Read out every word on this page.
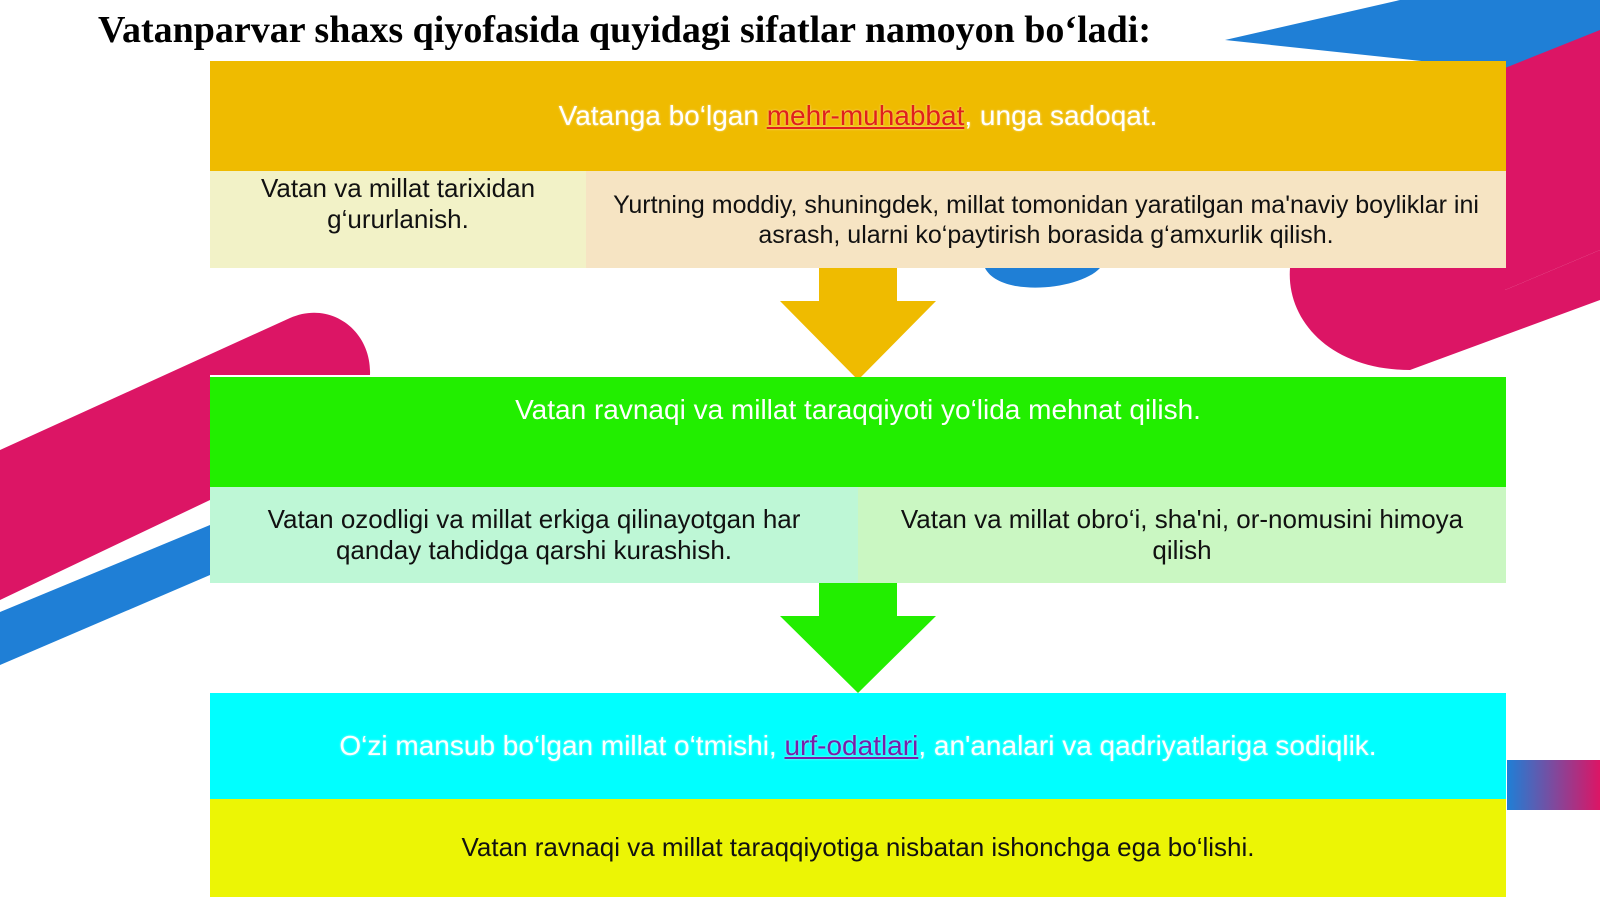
Vatanparvar shaxs qiyofasida quyidagi sifatlar namoyon bo‘ladi:
Vatanga bo‘lgan mehr-muhabbat, unga sadoqat.
Vatan va millat tarixidan g‘ururlanish.	Yurtning moddiy, shuningdek, millat tomonidan yaratilgan ma'naviy boyliklar ini asrash, ularni ko‘paytirish borasida g‘amxurlik qilish.
Vatan ravnaqi va millat taraqqiyoti yo‘lida mehnat qilish.
Vatan ozodligi va millat erkiga qilinayotgan har qanday tahdidga qarshi kurashish.
Vatan va millat obro‘i, sha'ni, or-nomusini himoya qilish
O‘zi mansub bo‘lgan millat o‘tmishi, urf-odatlari, an'analari va qadriyatlariga sodiqlik.
Vatan ravnaqi va millat taraqqiyotiga nisbatan ishonchga ega bo‘lishi.
